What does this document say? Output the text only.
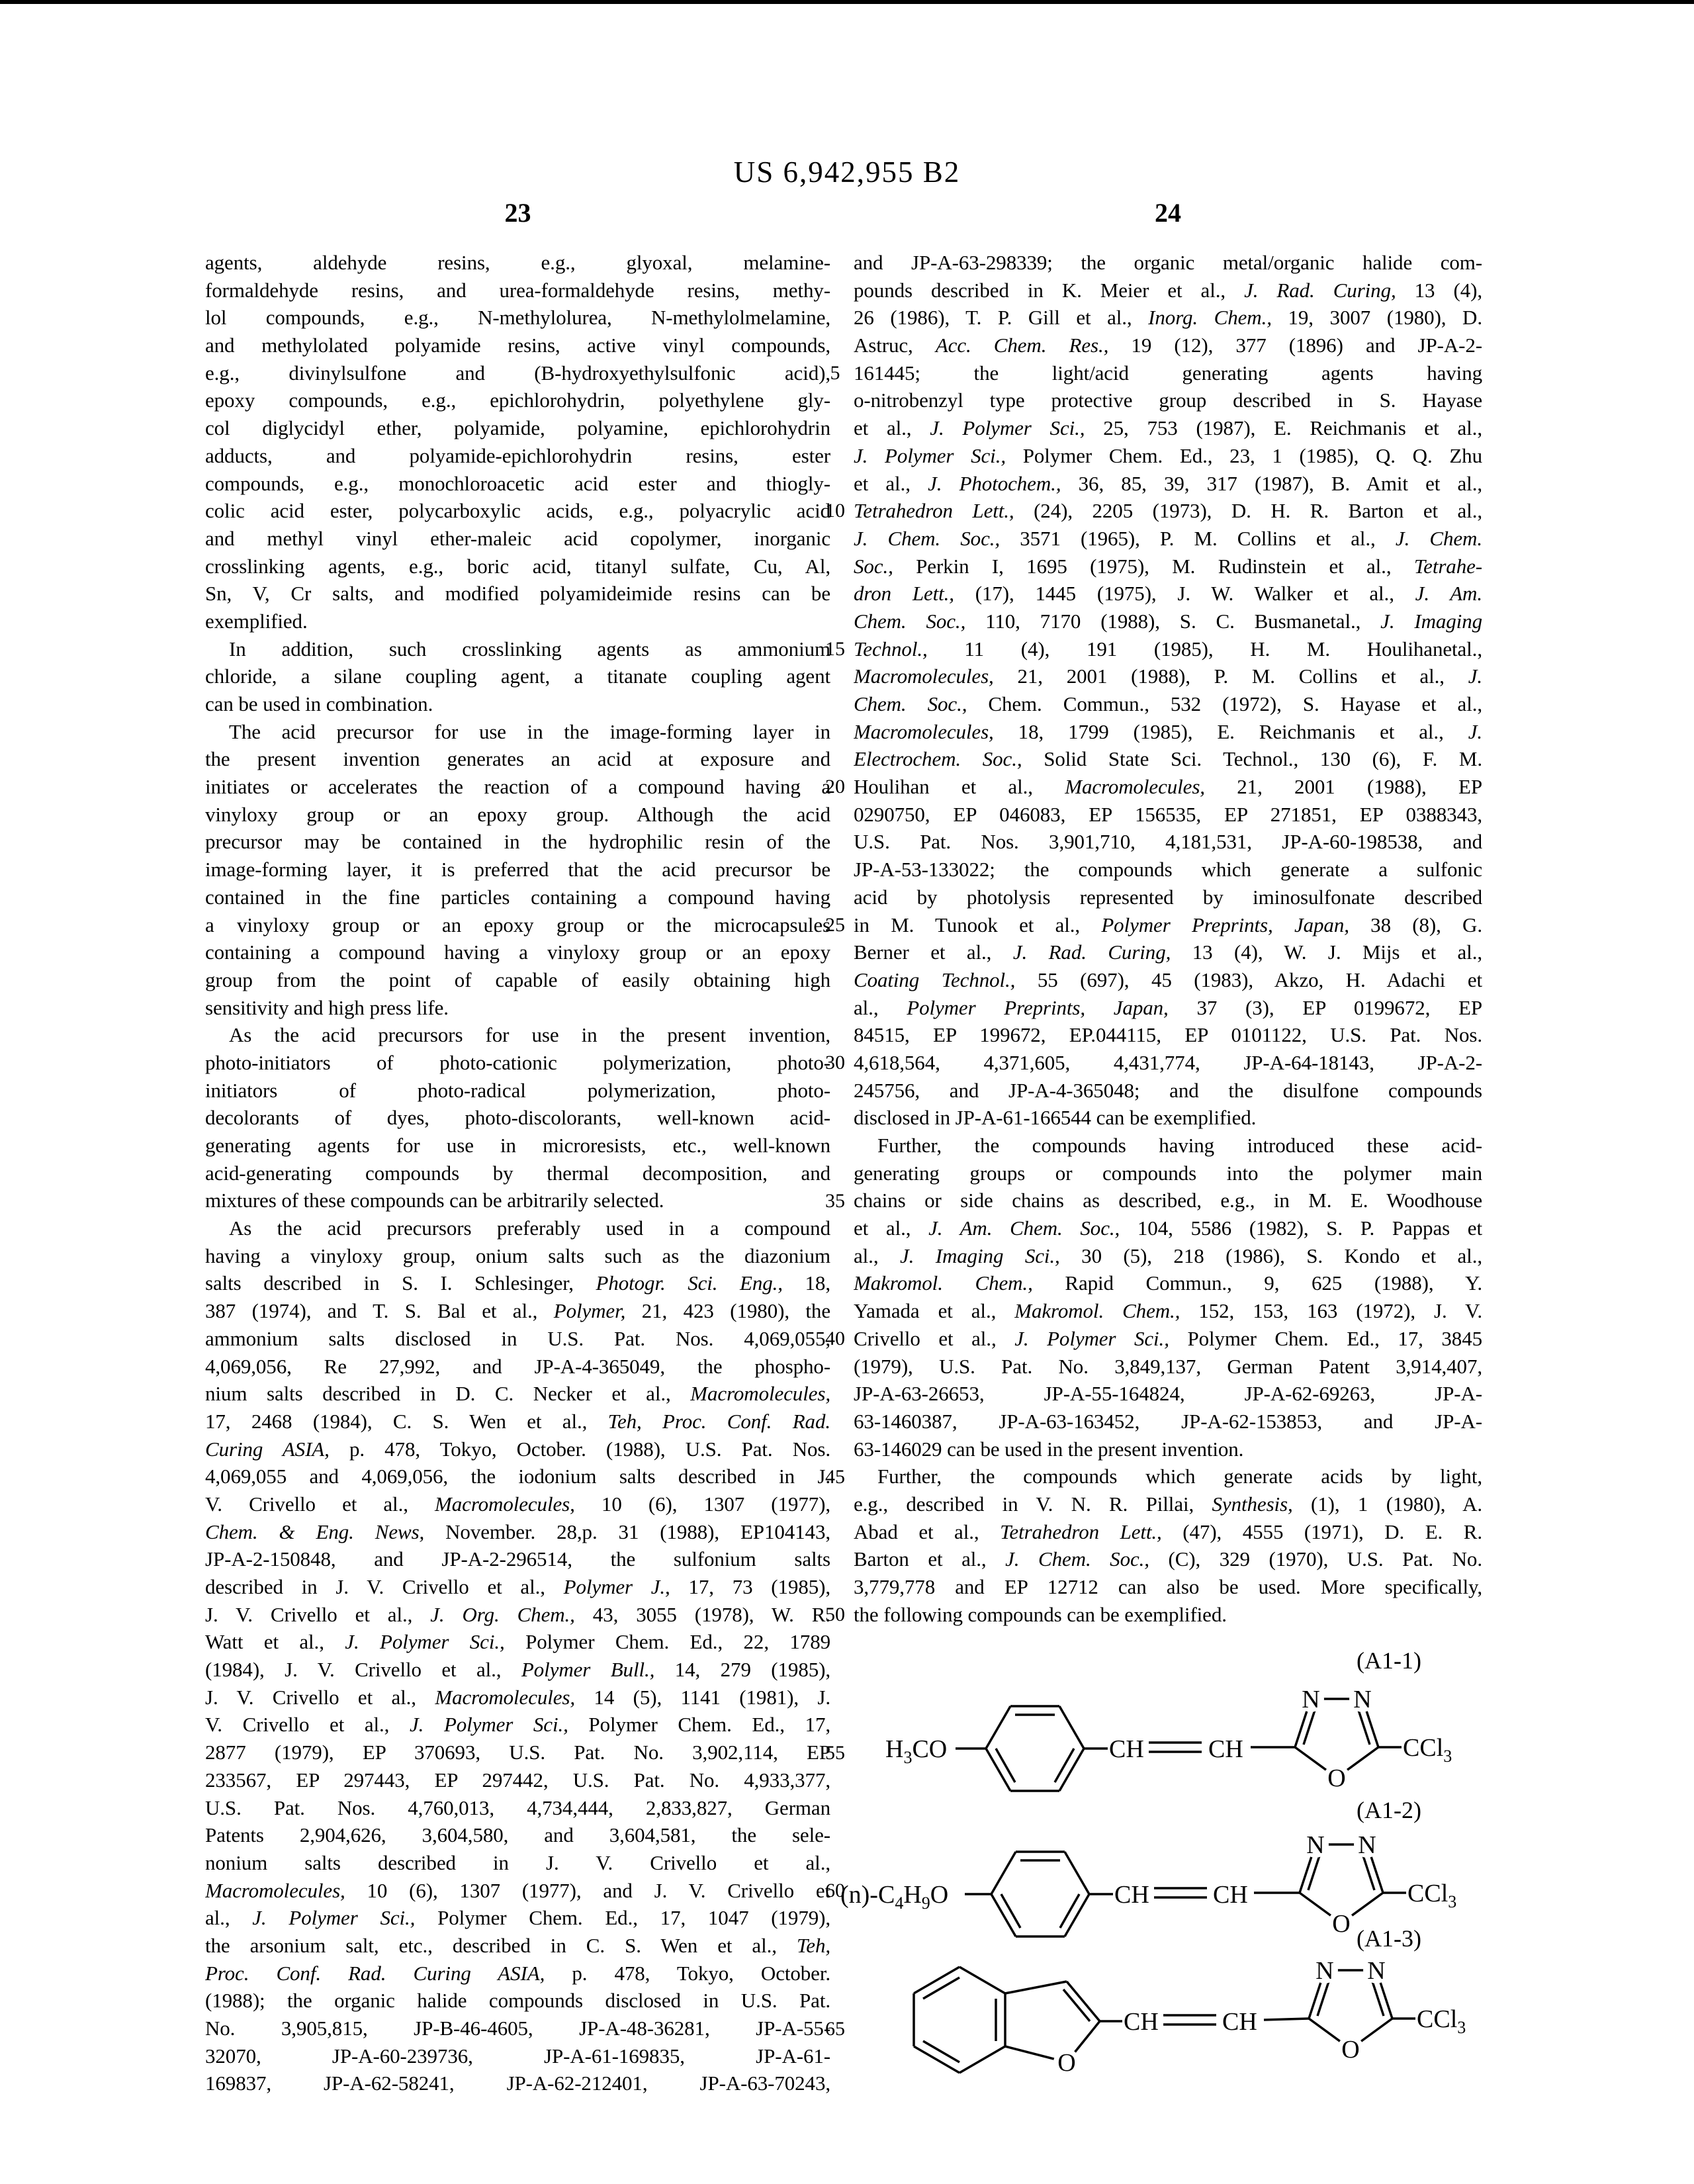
US 6,942,955 B2
23	24
agents, aldehyde resins, e.g., glyoxal, melamine-
formaldehyde resins, and urea-formaldehyde resins, methy-
lol compounds, e.g., N-methylolurea, N-methylolmelamine,
and methylolated polyamide resins, active vinyl compounds,
e.g., divinylsulfone and (B-hydroxyethylsulfonic acid),
epoxy compounds, e.g., epichlorohydrin, polyethylene gly-
col diglycidyl ether, polyamide, polyamine, epichlorohydrin
adducts, and polyamide-epichlorohydrin resins, ester
compounds, e.g., monochloroacetic acid ester and thiogly-
colic acid ester, polycarboxylic acids, e.g., polyacrylic acid
and methyl vinyl ether-maleic acid copolymer, inorganic
crosslinking agents, e.g., boric acid, titanyl sulfate, Cu, Al,
Sn, V, Cr salts, and modified polyamideimide resins can be
exemplified.
In addition, such crosslinking agents as ammonium
chloride, a silane coupling agent, a titanate coupling agent
can be used in combination.
The acid precursor for use in the image-forming layer in
the present invention generates an acid at exposure and
initiates or accelerates the reaction of a compound having a
vinyloxy group or an epoxy group. Although the acid
precursor may be contained in the hydrophilic resin of the
image-forming layer, it is preferred that the acid precursor be
contained in the fine particles containing a compound having
a vinyloxy group or an epoxy group or the microcapsules
containing a compound having a vinyloxy group or an epoxy
group from the point of capable of easily obtaining high
sensitivity and high press life.
As the acid precursors for use in the present invention,
photo-initiators of photo-cationic polymerization, photo-
initiators of photo-radical polymerization, photo-
decolorants of dyes, photo-discolorants, well-known acid-
generating agents for use in microresists, etc., well-known
acid-generating compounds by thermal decomposition, and
mixtures of these compounds can be arbitrarily selected.
As the acid precursors preferably used in a compound
having a vinyloxy group, onium salts such as the diazonium
salts described in S. I. Schlesinger, Photogr. Sci. Eng., 18,
387 (1974), and T. S. Bal et al., Polymer, 21, 423 (1980), the
ammonium salts disclosed in U.S. Pat. Nos. 4,069,055,
4,069,056, Re 27,992, and JP-A-4-365049, the phospho-
nium salts described in D. C. Necker et al., Macromolecules,
17, 2468 (1984), C. S. Wen et al., Teh, Proc. Conf. Rad.
Curing ASIA, p. 478, Tokyo, October. (1988), U.S. Pat. Nos.
4,069,055 and 4,069,056, the iodonium salts described in J.
V. Crivello et al., Macromolecules, 10 (6), 1307 (1977),
Chem. & Eng. News, November. 28,p. 31 (1988), EP104143,
JP-A-2-150848, and JP-A-2-296514, the sulfonium salts
described in J. V. Crivello et al., Polymer J., 17, 73 (1985),
J. V. Crivello et al., J. Org. Chem., 43, 3055 (1978), W. R.
Watt et al., J. Polymer Sci., Polymer Chem. Ed., 22, 1789
(1984), J. V. Crivello et al., Polymer Bull., 14, 279 (1985),
J. V. Crivello et al., Macromolecules, 14 (5), 1141 (1981), J.
V. Crivello et al., J. Polymer Sci., Polymer Chem. Ed., 17,
2877 (1979), EP 370693, U.S. Pat. No. 3,902,114, EP
233567, EP 297443, EP 297442, U.S. Pat. No. 4,933,377,
U.S. Pat. Nos. 4,760,013, 4,734,444, 2,833,827, German
Patents 2,904,626, 3,604,580, and 3,604,581, the sele-
nonium salts described in J. V. Crivello et al.,
Macromolecules, 10 (6), 1307 (1977), and J. V. Crivello et
al., J. Polymer Sci., Polymer Chem. Ed., 17, 1047 (1979),
the arsonium salt, etc., described in C. S. Wen et al., Teh,
Proc. Conf. Rad. Curing ASIA, p. 478, Tokyo, October.
(1988); the organic halide compounds disclosed in U.S. Pat.
No. 3,905,815, JP-B-46-4605, JP-A-48-36281, JP-A-55-
32070, JP-A-60-239736, JP-A-61-169835, JP-A-61-
169837, JP-A-62-58241, JP-A-62-212401, JP-A-63-70243,
and JP-A-63-298339; the organic metal/organic halide com-
pounds described in K. Meier et al., J. Rad. Curing, 13 (4),
26 (1986), T. P. Gill et al., Inorg. Chem., 19, 3007 (1980), D.
Astruc, Acc. Chem. Res., 19 (12), 377 (1896) and JP-A-2-
161445; the light/acid generating agents having
o-nitrobenzyl type protective group described in S. Hayase
et al., J. Polymer Sci., 25, 753 (1987), E. Reichmanis et al.,
J. Polymer Sci., Polymer Chem. Ed., 23, 1 (1985), Q. Q. Zhu
et al., J. Photochem., 36, 85, 39, 317 (1987), B. Amit et al.,
Tetrahedron Lett., (24), 2205 (1973), D. H. R. Barton et al.,
J. Chem. Soc., 3571 (1965), P. M. Collins et al., J. Chem.
Soc., Perkin I, 1695 (1975), M. Rudinstein et al., Tetrahe-
dron Lett., (17), 1445 (1975), J. W. Walker et al., J. Am.
Chem. Soc., 110, 7170 (1988), S. C. Busmanetal., J. Imaging
Technol., 11 (4), 191 (1985), H. M. Houlihanetal.,
Macromolecules, 21, 2001 (1988), P. M. Collins et al., J.
Chem. Soc., Chem. Commun., 532 (1972), S. Hayase et al.,
Macromolecules, 18, 1799 (1985), E. Reichmanis et al., J.
Electrochem. Soc., Solid State Sci. Technol., 130 (6), F. M.
Houlihan et al., Macromolecules, 21, 2001 (1988), EP
0290750, EP 046083, EP 156535, EP 271851, EP 0388343,
U.S. Pat. Nos. 3,901,710, 4,181,531, JP-A-60-198538, and
JP-A-53-133022; the compounds which generate a sulfonic
acid by photolysis represented by iminosulfonate described
in M. Tunook et al., Polymer Preprints, Japan, 38 (8), G.
Berner et al., J. Rad. Curing, 13 (4), W. J. Mijs et al.,
Coating Technol., 55 (697), 45 (1983), Akzo, H. Adachi et
al., Polymer Preprints, Japan, 37 (3), EP 0199672, EP
84515, EP 199672, EP.044115, EP 0101122, U.S. Pat. Nos.
4,618,564, 4,371,605, 4,431,774, JP-A-64-18143, JP-A-2-
245756, and JP-A-4-365048; and the disulfone compounds
disclosed in JP-A-61-166544 can be exemplified.
Further, the compounds having introduced these acid-
generating groups or compounds into the polymer main
chains or side chains as described, e.g., in M. E. Woodhouse
et al., J. Am. Chem. Soc., 104, 5586 (1982), S. P. Pappas et
al., J. Imaging Sci., 30 (5), 218 (1986), S. Kondo et al.,
Makromol. Chem., Rapid Commun., 9, 625 (1988), Y.
Yamada et al., Makromol. Chem., 152, 153, 163 (1972), J. V.
Crivello et al., J. Polymer Sci., Polymer Chem. Ed., 17, 3845
(1979), U.S. Pat. No. 3,849,137, German Patent 3,914,407,
JP-A-63-26653, JP-A-55-164824, JP-A-62-69263, JP-A-
63-1460387, JP-A-63-163452, JP-A-62-153853, and JP-A-
63-146029 can be used in the present invention.
Further, the compounds which generate acids by light,
e.g., described in V. N. R. Pillai, Synthesis, (1), 1 (1980), A.
Abad et al., Tetrahedron Lett., (47), 4555 (1971), D. E. R.
Barton et al., J. Chem. Soc., (C), 329 (1970), U.S. Pat. No.
3,779,778 and EP 12712 can also be used. More specifically,
the following compounds can be exemplified.
5
10
15
20
25
30
35
40
45
50
55
60
65
(A1-1)
(A1-2)
(A1-3)
$H_3CO$	CH	CH
N N
O
CCl$_3$
$(n)-C_4H_9O$	CH	CH
N N
O
CCl$_3$
O
CH	CH
N N
O
CCl$_3$
